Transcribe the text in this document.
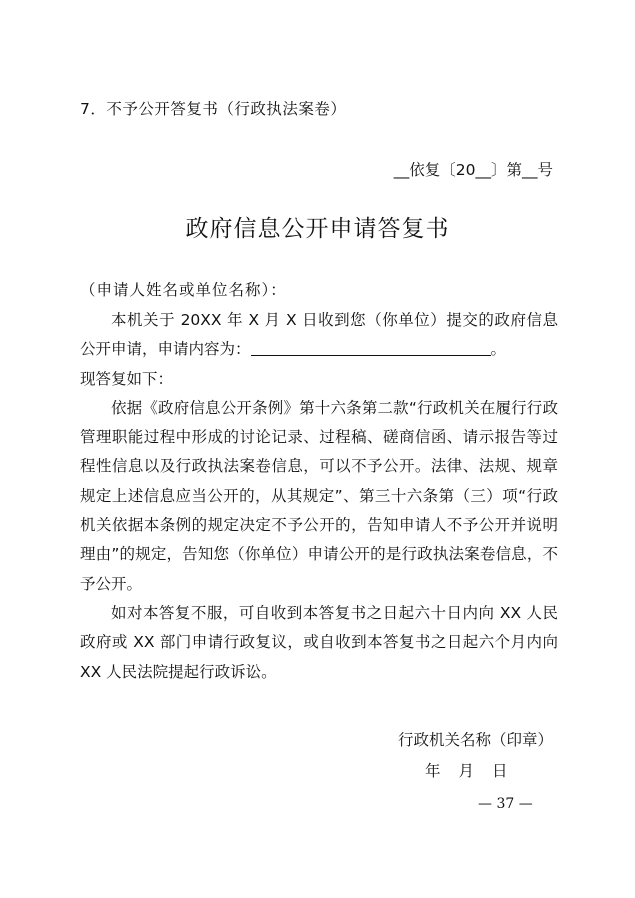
7．不予公开答复书（行政执法案卷）
__依复〔20__〕第__号
政府信息公开申请答复书
（申请人姓名或单位名称）：

本机关于 20XX 年 X 月 X 日收到您（你单位）提交的政府信息公开申请，申请内容为：	。

现答复如下：

依据《政府信息公开条例》第十六条第二款“行政机关在履行行政管理职能过程中形成的讨论记录、过程稿、磋商信函、请示报告等过程性信息以及行政执法案卷信息，可以不予公开。法律、法规、规章规定上述信息应当公开的，从其规定”、第三十六条第（三）项“行政机关依据本条例的规定决定不予公开的，告知申请人不予公开并说明理由”的规定，告知您（你单位）申请公开的是行政执法案卷信息，不予公开。

如对本答复不服，可自收到本答复书之日起六十日内向 XX 人民政府或 XX 部门申请行政复议，或自收到本答复书之日起六个月内向 XX 人民法院提起行政诉讼。

行政机关名称（印章）
年 月 日
— 37 —
